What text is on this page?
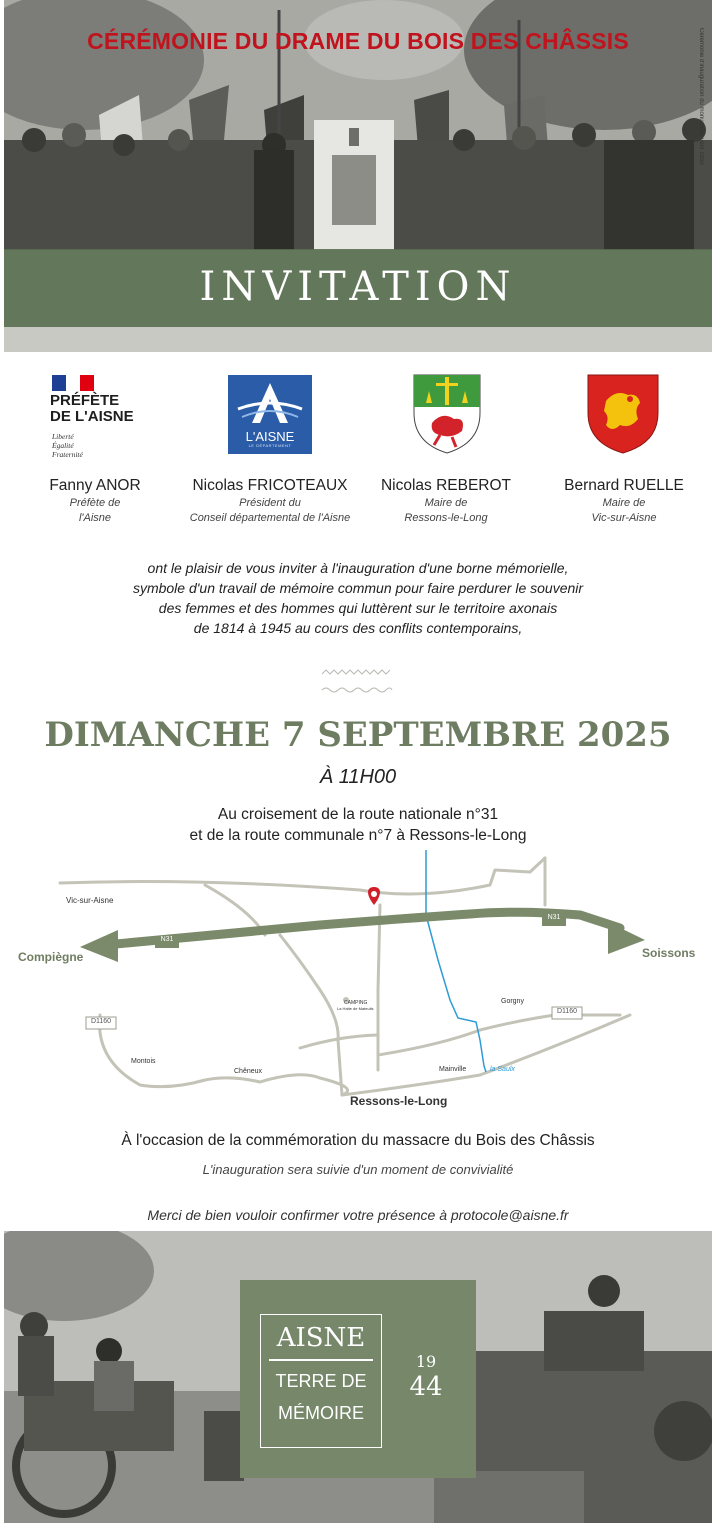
CÉRÉMONIE DU DRAME DU BOIS DES CHÂSSIS
INVITATION
Cérémonie d'inauguration du monument, vers 1950
PRÉFÈTE
DE L'AISNE
Liberté
Égalité
Fraternité
L'AISNE
LE DÉPARTEMENT
Fanny ANOR
Préfète de
l'Aisne
Nicolas FRICOTEAUX
Président du
Conseil départemental de l'Aisne
Nicolas REBEROT
Maire de
Ressons-le-Long
Bernard RUELLE
Maire de
Vic-sur-Aisne
ont le plaisir de vous inviter à l'inauguration d'une borne mémorielle,
symbole d'un travail de mémoire commun pour faire perdurer le souvenir
des femmes et des hommes qui luttèrent sur le territoire axonais
de 1814 à 1945 au cours des conflits contemporains,
DIMANCHE 7 SEPTEMBRE 2025
À 11H00
Au croisement de la route nationale n°31
et de la route communale n°7 à Ressons-le-Long
Compiègne	Soissons
Vic-sur-Aisne
N31
N31
D1160
D1160
CAMPING
La Halte de Mateuils
Gorgny
Montois
Chêneux	Mainville	la Saulx
Ressons-le-Long
À l'occasion de la commémoration du massacre du Bois des Châssis
L'inauguration sera suivie d'un moment de convivialité
Merci de bien vouloir confirmer votre présence à protocole@aisne.fr
AISNE
TERRE DE
MÉMOIRE
19
44
